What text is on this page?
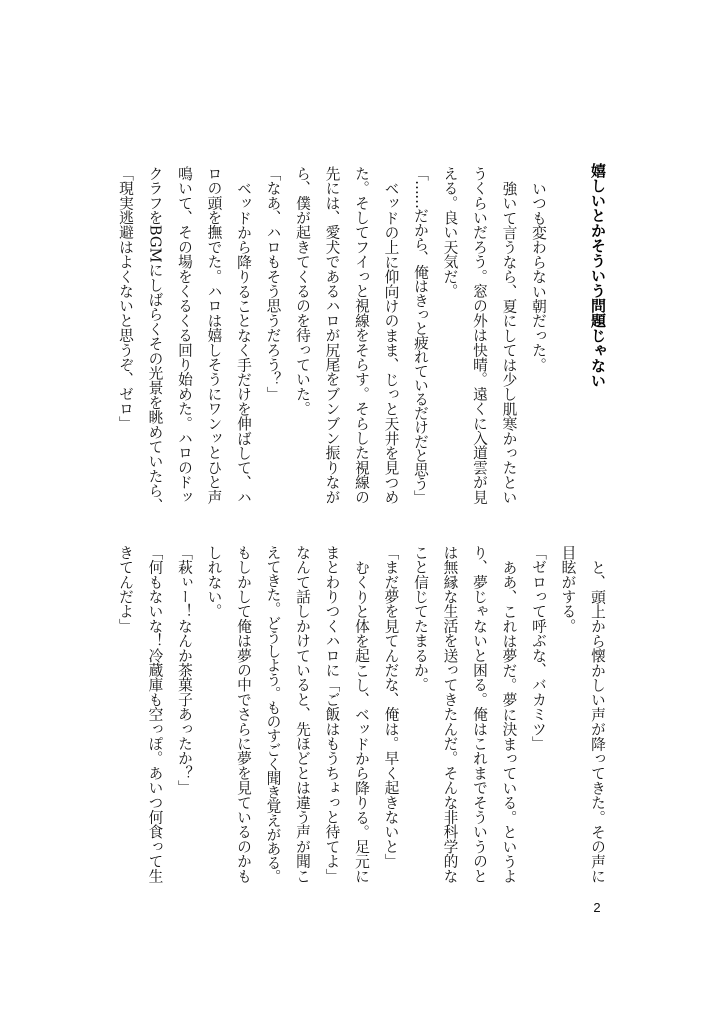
嬉しいとかそういう問題じゃない
いつも変わらない朝だった。
強いて言うなら、夏にしては少し肌寒かったとい
うくらいだろう。窓の外は快晴。遠くに入道雲が見
える。良い天気だ。
「……だから、俺はきっと疲れているだけだと思う」
ベッドの上に仰向けのまま、じっと天井を見つめ
た。そしてフイっと視線をそらす。そらした視線の
先には、愛犬であるハロが尻尾をブンブン振りなが
ら、僕が起きてくるのを待っていた。
「なあ、ハロもそう思うだろう？」
ベッドから降りることなく手だけを伸ばして、ハ
ロの頭を撫でた。ハロは嬉しそうにワンッとひと声
鳴いて、その場をくるくる回り始めた。ハロのドッ
クラフをBGMにしばらくその光景を眺めていたら、
「現実逃避はよくないと思うぞ、ゼロ」
と、頭上から懐かしい声が降ってきた。その声に
目眩がする。
「ゼロって呼ぶな、バカミツ」
ああ、これは夢だ。夢に決まっている。というよ
り、夢じゃないと困る。俺はこれまでそういうのと
は無縁な生活を送ってきたんだ。そんな非科学的な
こと信じてたまるか。
「まだ夢を見てんだな、俺は。早く起きないと」
むくりと体を起こし、ベッドから降りる。足元に
まとわりつくハロに「ご飯はもうちょっと待てよ」
なんて話しかけていると、先ほどとは違う声が聞こ
えてきた。どうしよう。ものすごく聞き覚えがある。
もしかして俺は夢の中でさらに夢を見ているのかも
しれない。
「萩ぃー！なんか茶菓子あったか？」
「何もないな！冷蔵庫も空っぽ。あいつ何食って生
きてんだよ」
2
